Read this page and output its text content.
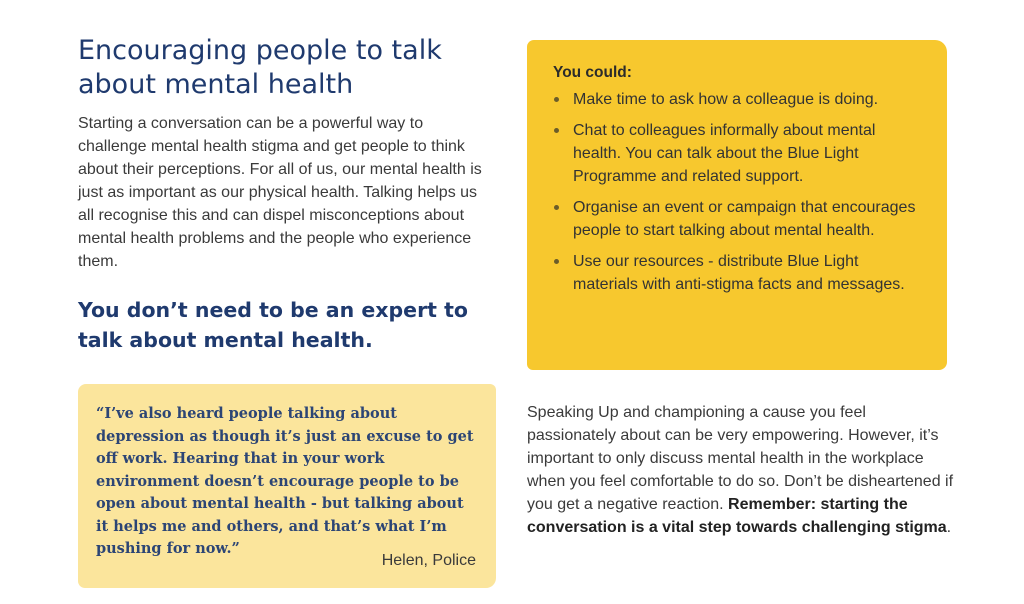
Encouraging people to talk about mental health

Starting a conversation can be a powerful way to challenge mental health stigma and get people to think about their perceptions. For all of us, our mental health is just as important as our physical health. Talking helps us all recognise this and can dispel misconceptions about mental health problems and the people who experience them.

You don’t need to be an expert to talk about mental health.

“I’ve also heard people talking about depression as though it’s just an excuse to get off work. Hearing that in your work environment doesn’t encourage people to be open about mental health - but talking about it helps me and others, and that’s what I’m pushing for now.”

Helen, Police

You could:

Make time to ask how a colleague is doing.
Chat to colleagues informally about mental health. You can talk about the Blue Light Programme and related support.
Organise an event or campaign that encourages people to start talking about mental health.
Use our resources - distribute Blue Light materials with anti-stigma facts and messages.

Speaking Up and championing a cause you feel passionately about can be very empowering. However, it’s important to only discuss mental health in the workplace when you feel comfortable to do so. Don’t be disheartened if you get a negative reaction. Remember: starting the conversation is a vital step towards challenging stigma.
